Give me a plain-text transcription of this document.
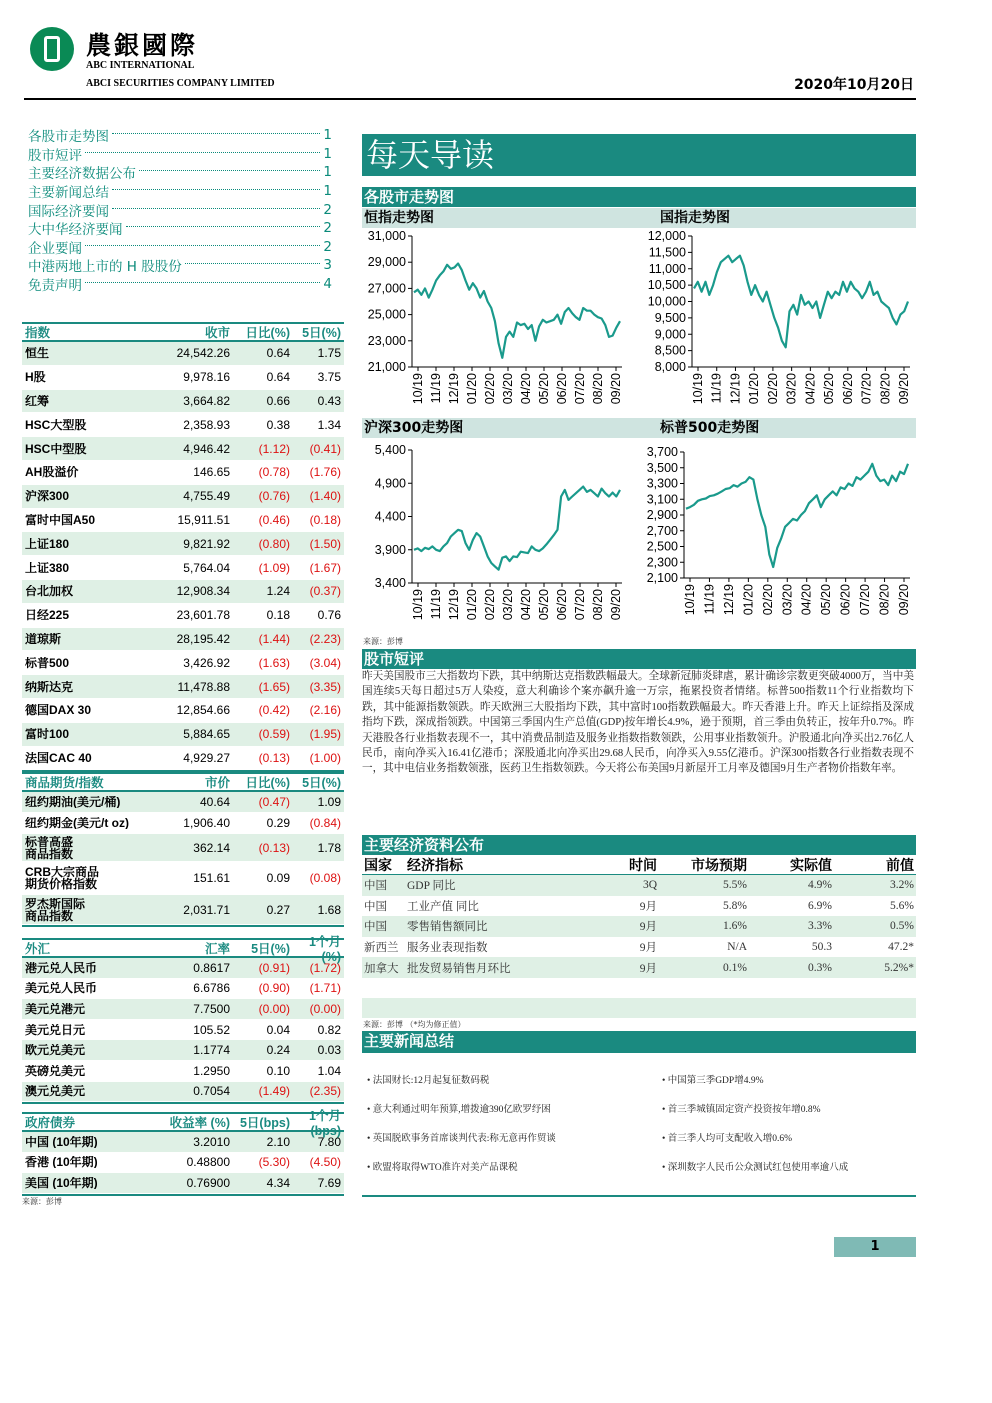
農銀國際
ABC INTERNATIONAL
ABCI SECURITIES COMPANY LIMITED	2020年10月20日
各股市走势图	1
股市短评	1
主要经济数据公布	1
主要新闻总结	1
国际经济要闻	2
大中华经济要闻	2
企业要闻	2
中港两地上市的 H 股股份	3
免责声明	4
指数	收市	日比(%) 5日(%)
恒生	24,542.26	0.64	1.75
H股	9,978.16	0.64	3.75
红筹	3,664.82	0.66	0.43
HSC大型股	2,358.93	0.38	1.34
HSC中型股	4,946.42	(1.12)	(0.41)
AH股溢价	146.65	(0.78)	(1.76)
沪深300	4,755.49	(0.76)	(1.40)
富时中国A50	15,911.51	(0.46)	(0.18)
上证180	9,821.92	(0.80)	(1.50)
上证380	5,764.04	(1.09)	(1.67)
台北加权	12,908.34	1.24	(0.37)
日经225	23,601.78	0.18	0.76
道琼斯	28,195.42	(1.44)	(2.23)
标普500	3,426.92	(1.63)	(3.04)
纳斯达克	11,478.88	(1.65)	(3.35)
德国DAX 30	12,854.66	(0.42)	(2.16)
富时100	5,884.65	(0.59)	(1.95)
法国CAC 40	4,929.27	(0.13)	(1.00)
商品期货/指数	市价	日比(%) 5日(%)
纽约期油(美元/桶)	40.64	(0.47)	1.09
纽约期金(美元/t oz)	1,906.40	0.29	(0.84)
标普高盛
商品指数	362.14	(0.13)	1.78
CRB大宗商品
期货价格指数	151.61	0.09	(0.08)
罗杰斯国际
商品指数	2,031.71	0.27	1.68
外汇	汇率	5日(%)	1个月(%)
港元兑人民币	0.8617	(0.91)	(1.72)
美元兑人民币	6.6786	(0.90)	(1.71)
美元兑港元	7.7500	(0.00)	(0.00)
美元兑日元	105.52	0.04	0.82
欧元兑美元	1.1774	0.24	0.03
英磅兑美元	1.2950	0.10	1.04
澳元兑美元	0.7054	(1.49)	(2.35)
政府债券	收益率 (%) 5日(bps)	1个月(bps)
中国 (10年期)	3.2010	2.10	7.80
香港 (10年期)	0.48800	(5.30)	(4.50)
美国 (10年期)	0.76900	4.34	7.69
来源：彭博
每天导读
各股市走势图
恒指走势图	国指走势图
31,000
29,000
27,000
25,000
23,000
21,000
10/19 11/19 12/19 01/20 02/20 03/20 04/20 05/20 06/20 07/20 08/20 09/20
12,000
11,500
11,000
10,500
10,000
9,500
9,000
8,500
8,000
10/19 11/19 12/19 01/20 02/20 03/20 04/20 05/20 06/20 07/20 08/20 09/20
沪深300走势图	标普500走势图
5,400
4,900
4,400
3,900
3,400
10/19 11/19 12/19 01/20 02/20 03/20 04/20 05/20 06/20 07/20 08/20 09/20
3,700
3,500
3,300
3,100
2,900
2,700
2,500
2,300
2,100
10/19 11/19 12/19 01/20 02/20 03/20 04/20 05/20 06/20 07/20 08/20 09/20
来源：彭博
股市短评
昨天美国股市三大指数均下跌，其中纳斯达克指数跌幅最大。全球新冠肺炎肆虐，累计确诊宗数更突破4000万，当中美国连续5天每日超过5万人染疫，意大利确诊个案亦飙升逾一万宗，拖累投资者情绪。标普500指数11个行业指数均下跌，其中能源指数领跌。昨天欧洲三大股指均下跌，其中富时100指数跌幅最大。昨天香港上升。昨天上证综指及深成指均下跌，深成指领跌。中国第三季国内生产总值(GDP)按年增长4.9%，逊于预期，首三季由负转正，按年升0.7%。昨天港股各行业指数表现不一，其中消费品制造及服务业指数指数领跌，公用事业指数领升。沪股通北向净买出2.76亿人民币，南向净买入16.41亿港币；深股通北向净买出29.68人民币，向净买入9.55亿港币。沪深300指数各行业指数表现不一，其中电信业务指数领涨，医药卫生指数领跌。今天将公布美国9月新屋开工月率及德国9月生产者物价指数年率。
主要经济资料公布
国家	经济指标	时间	市场预期	实际值	前值
中国	GDP 同比	3Q	5.5%	4.9%	3.2%
中国	工业产值 同比	9月	5.8%	6.9%	5.6%
中国	零售销售额同比	9月	1.6%	3.3%	0.5%
新西兰 服务业表现指数	9月	N/A	50.3	47.2*
加拿大 批发贸易销售月环比	9月	0.1%	0.3%	5.2%*
来源：彭博 （*均为修正值）
主要新闻总结
• 法国财长:12月起复征数码税
• 意大利通过明年预算,增拨逾390亿欧罗纾困
• 英国脱欧事务首席谈判代表:称无意再作贸谈
• 欧盟将取得WTO准许对美产品课税
• 中国第三季GDP增4.9%
• 首三季城镇固定资产投资按年增0.8%
• 首三季人均可支配收入增0.6%
• 深圳数字人民币公众测试红包使用率逾八成
1
